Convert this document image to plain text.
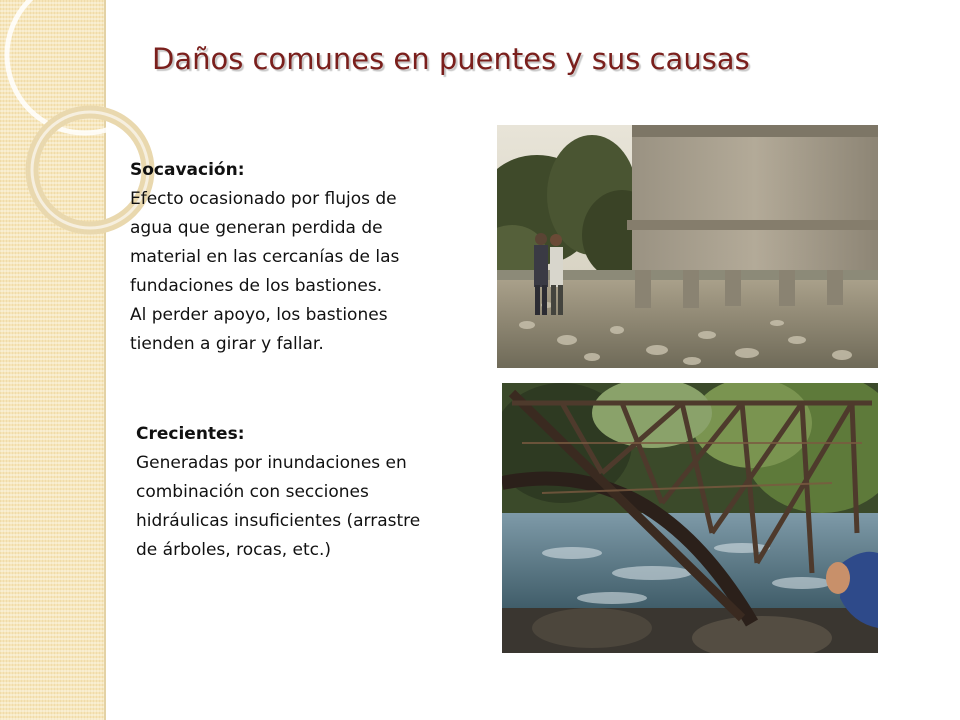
Daños comunes en puentes y sus causas
Socavación:
Efecto ocasionado por flujos de
agua que generan perdida de
material en las cercanías de las
fundaciones de los bastiones.
Al perder apoyo, los bastiones
tienden a girar y fallar.
Crecientes:
Generadas por inundaciones en
combinación con secciones
hidráulicas insuficientes (arrastre
de árboles, rocas, etc.)
